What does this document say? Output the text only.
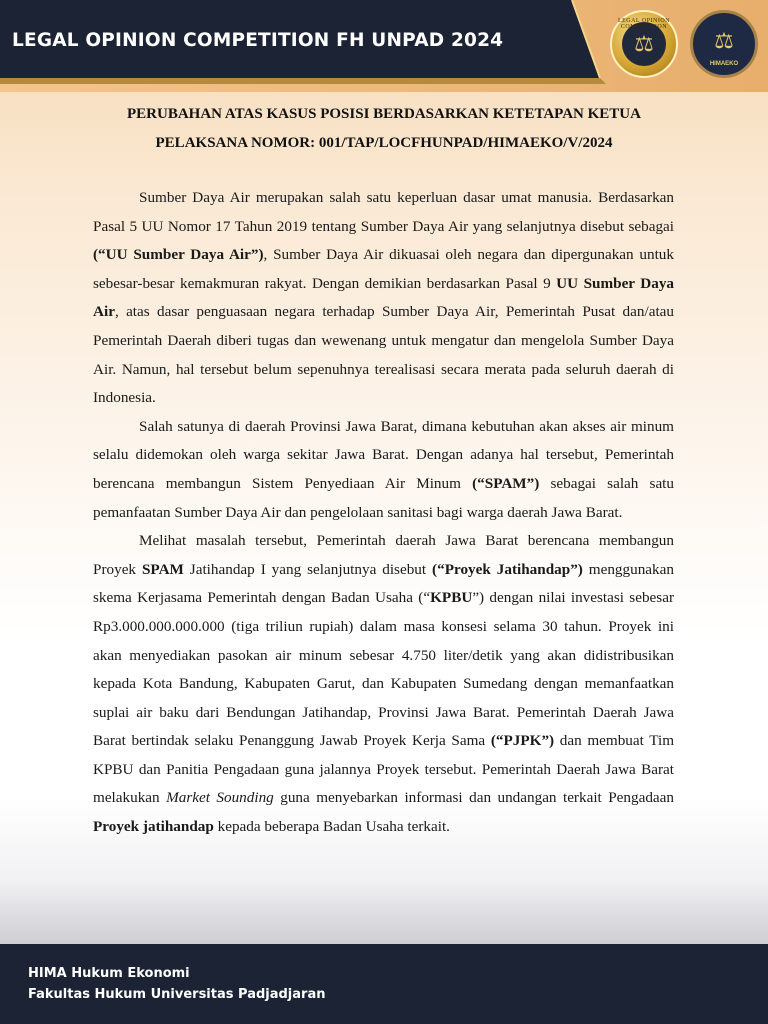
LEGAL OPINION COMPETITION FH UNPAD 2024	⚖
LEGAL OPINION COMPETITION
⚖
HIMAEKO
PERUBAHAN ATAS KASUS POSISI BERDASARKAN KETETAPAN KETUA
PELAKSANA NOMOR: 001/TAP/LOCFHUNPAD/HIMAEKO/V/2024

Sumber Daya Air merupakan salah satu keperluan dasar umat manusia. Berdasarkan Pasal 5 UU Nomor 17 Tahun 2019 tentang Sumber Daya Air yang selanjutnya disebut sebagai (“UU Sumber Daya Air”), Sumber Daya Air dikuasai oleh negara dan dipergunakan untuk sebesar-besar kemakmuran rakyat. Dengan demikian berdasarkan Pasal 9 UU Sumber Daya Air, atas dasar penguasaan negara terhadap Sumber Daya Air, Pemerintah Pusat dan/atau Pemerintah Daerah diberi tugas dan wewenang untuk mengatur dan mengelola Sumber Daya Air. Namun, hal tersebut belum sepenuhnya terealisasi secara merata pada seluruh daerah di Indonesia.

Salah satunya di daerah Provinsi Jawa Barat, dimana kebutuhan akan akses air minum selalu didemokan oleh warga sekitar Jawa Barat. Dengan adanya hal tersebut, Pemerintah berencana membangun Sistem Penyediaan Air Minum (“SPAM”) sebagai salah satu pemanfaatan Sumber Daya Air dan pengelolaan sanitasi bagi warga daerah Jawa Barat.

Melihat masalah tersebut, Pemerintah daerah Jawa Barat berencana membangun Proyek SPAM Jatihandap I yang selanjutnya disebut (“Proyek Jatihandap”) menggunakan skema Kerjasama Pemerintah dengan Badan Usaha (“KPBU”) dengan nilai investasi sebesar Rp3.000.000.000.000 (tiga triliun rupiah) dalam masa konsesi selama 30 tahun. Proyek ini akan menyediakan pasokan air minum sebesar 4.750 liter/detik yang akan didistribusikan kepada Kota Bandung, Kabupaten Garut, dan Kabupaten Sumedang dengan memanfaatkan suplai air baku dari Bendungan Jatihandap, Provinsi Jawa Barat. Pemerintah Daerah Jawa Barat bertindak selaku Penanggung Jawab Proyek Kerja Sama (“PJPK”) dan membuat Tim KPBU dan Panitia Pengadaan guna jalannya Proyek tersebut. Pemerintah Daerah Jawa Barat melakukan Market Sounding guna menyebarkan informasi dan undangan terkait Pengadaan Proyek jatihandap kepada beberapa Badan Usaha terkait.

HIMA Hukum Ekonomi
Fakultas Hukum Universitas Padjadjaran
